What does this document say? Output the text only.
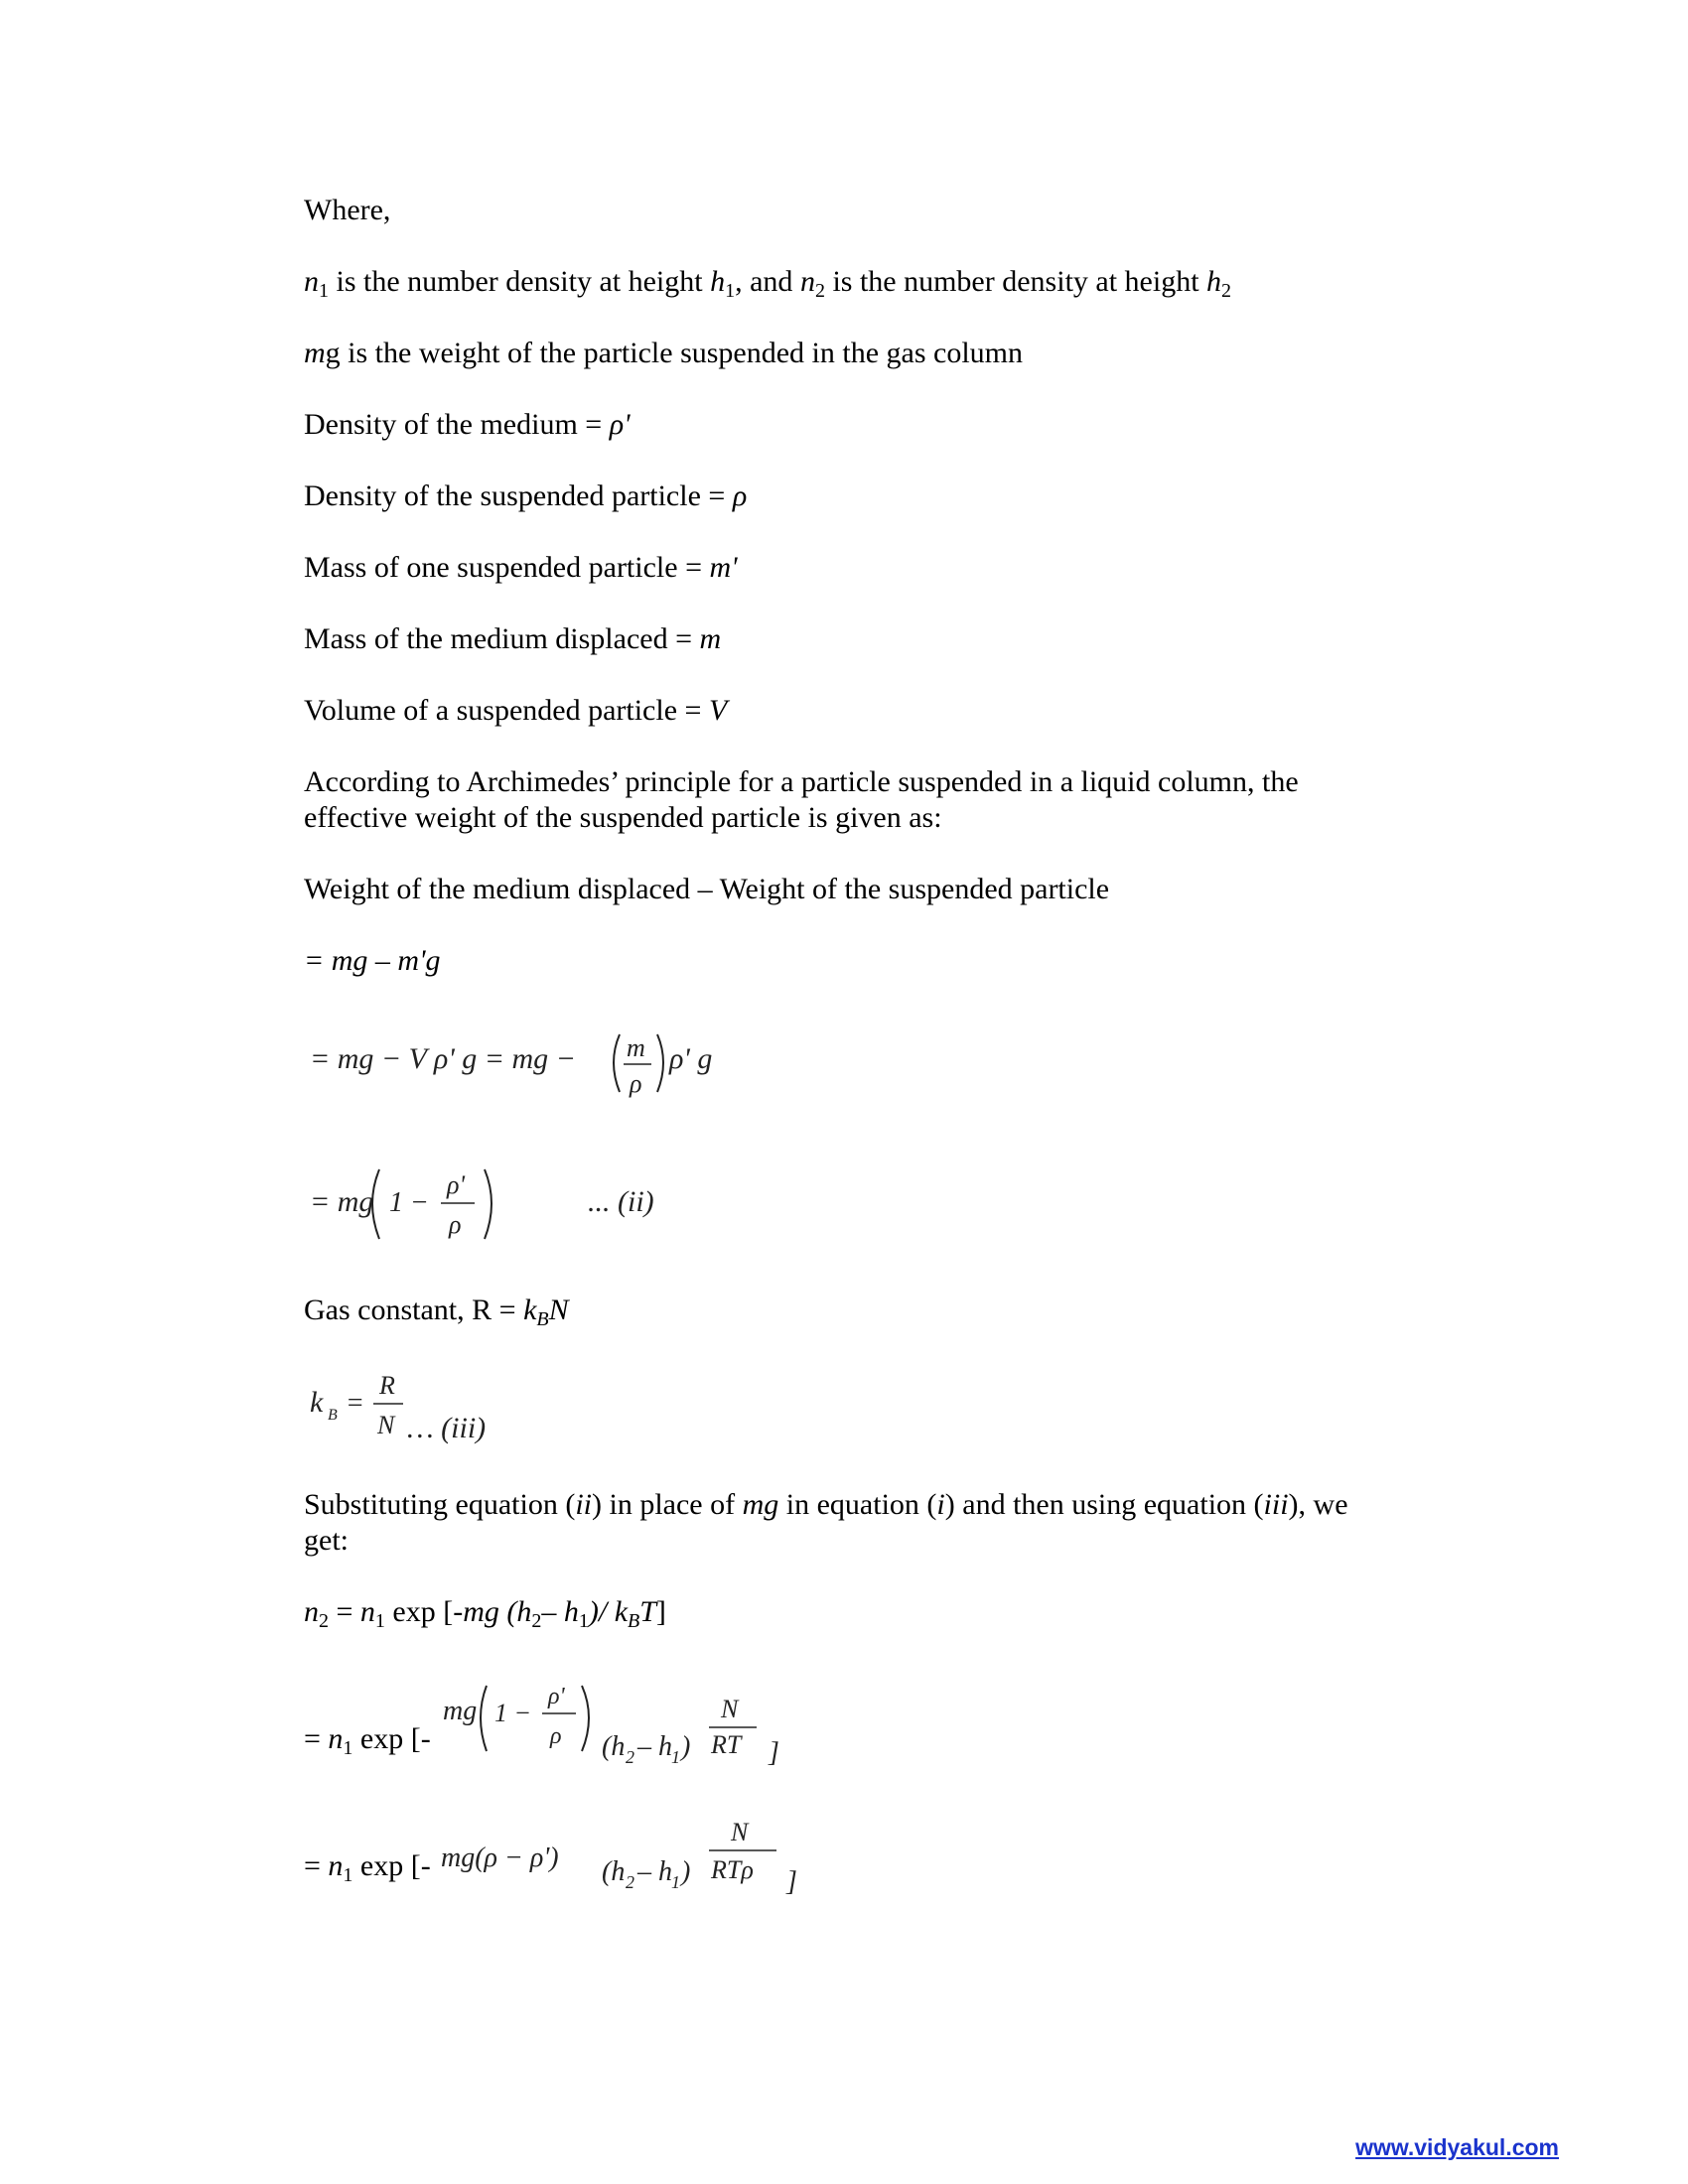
Where,
$n_1$ is the number density at height $h_1$, and $n_2$ is the number density at height $h_2$
mg is the weight of the particle suspended in the gas column
Density of the medium = ρ'
Density of the suspended particle = ρ
Mass of one suspended particle = m'
Mass of the medium displaced = m
Volume of a suspended particle = V
According to Archimedes’ principle for a particle suspended in a liquid column, the
effective weight of the suspended particle is given as:
Weight of the medium displaced – Weight of the suspended particle
= mg – m'g
= mg − V ρ' g = mg − m
ρ
ρ' g
= mg 1 −
ρ'
ρ
... (ii)
Gas constant, $R = k_BN$
k B =
R
N … (iii)
Substituting equation (ii) in place of mg in equation (i) and then using equation (iii), we
get:
$n_2 = n_1$ exp [-mg ($h_2-$ $h_1)/$ $k_BT$]
= $n_1$ exp [-
mg 1 −
ρ'
ρ (h 2 – h 1 )
N
RT ]
= $n_1$ exp [- mg(ρ − ρ') (h 2 – h 1 )
N
RTρ ]
www.vidyakul.com
